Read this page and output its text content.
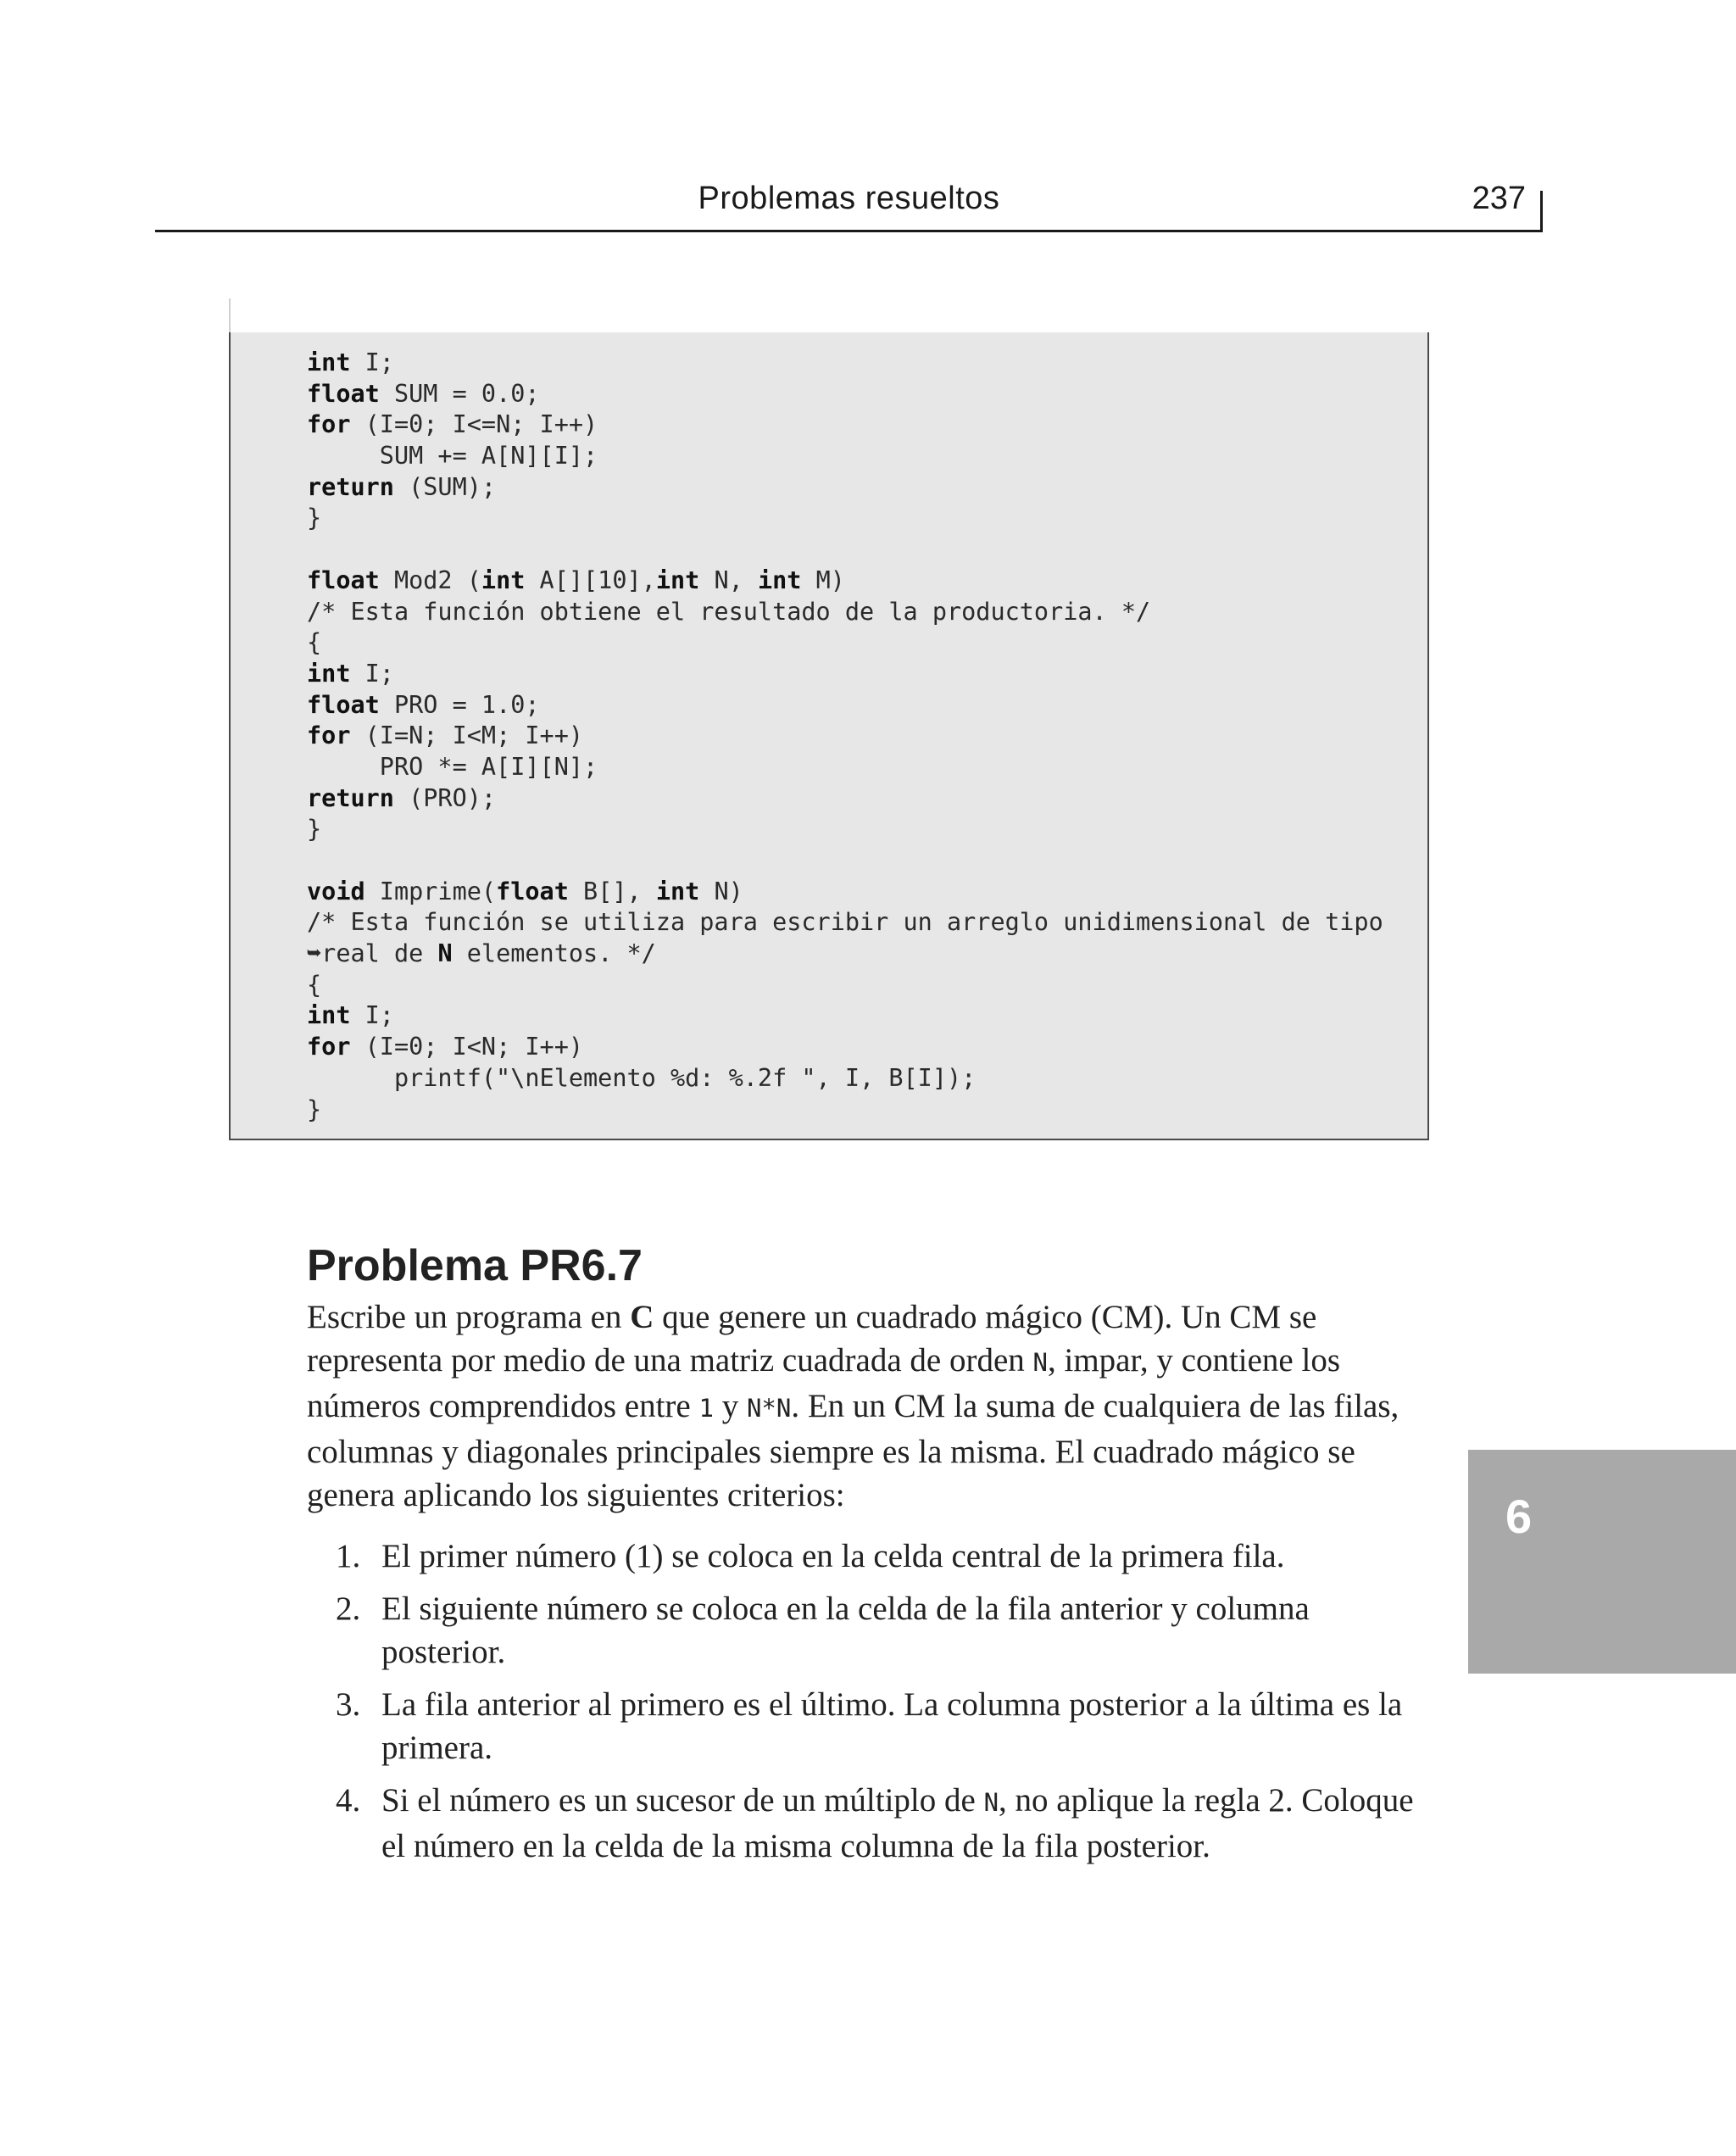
Problemas resueltos	237
int I;
float SUM = 0.0;
for (I=0; I<=N; I++)
SUM += A[N][I];
return (SUM);
}
float Mod2 (int A[][10],int N, int M)
/* Esta función obtiene el resultado de la productoria. */
{
int I;
float PRO = 1.0;
for (I=N; I<M; I++)
PRO *= A[I][N];
return (PRO);
}
void Imprime(float B[], int N)
/* Esta función se utiliza para escribir un arreglo unidimensional de tipo
➥real de N elementos. */
{
int I;
for (I=0; I<N; I++)
printf("\nElemento %d: %.2f ", I, B[I]);
}
Problema PR6.7

Escribe un programa en C que genere un cuadrado mágico (CM). Un CM se representa por medio de una matriz cuadrada de orden N, impar, y contiene los números comprendidos entre 1 y N*N. En un CM la suma de cualquiera de las filas, columnas y diagonales principales siempre es la misma. El cuadrado mágico se genera aplicando los siguientes criterios:

1. El primer número (1) se coloca en la celda central de la primera fila.
2. El siguiente número se coloca en la celda de la fila anterior y columna posterior.
3. La fila anterior al primero es el último. La columna posterior a la última es la primera.
4. Si el número es un sucesor de un múltiplo de N, no aplique la regla 2. Coloque el número en la celda de la misma columna de la fila posterior.
6
